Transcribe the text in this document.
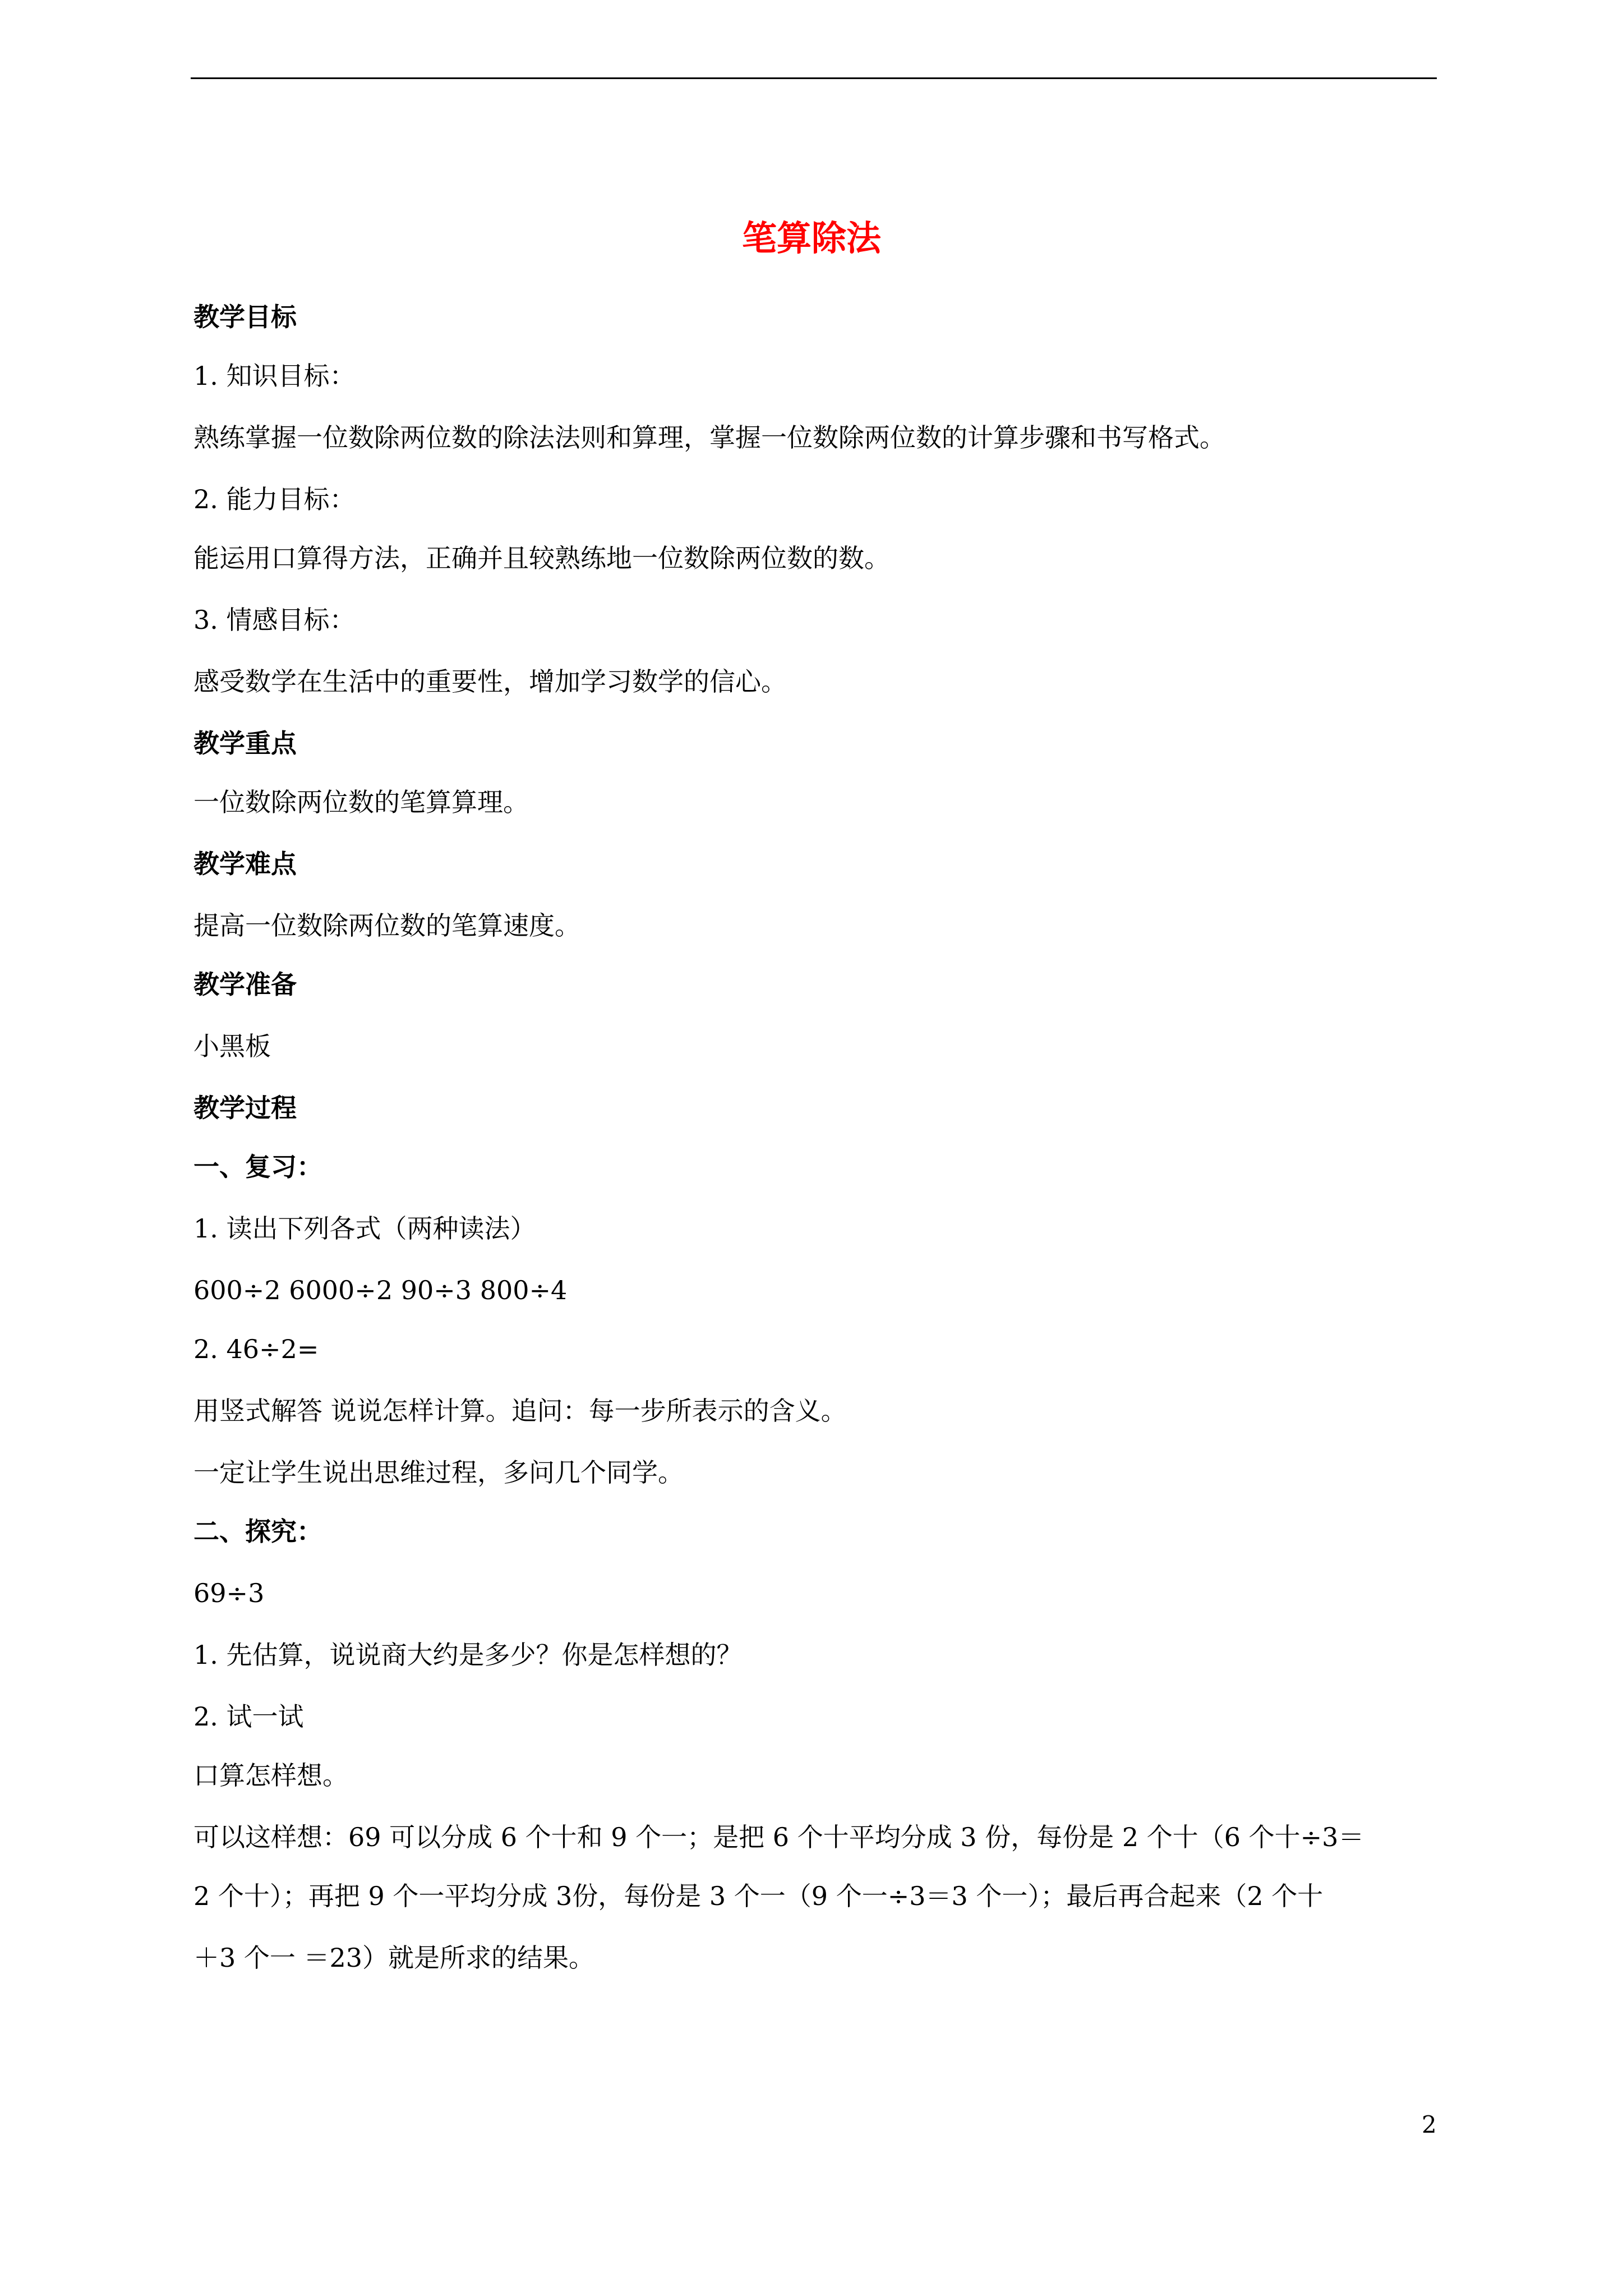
笔算除法
教学目标
1. 知识目标：
熟练掌握一位数除两位数的除法法则和算理，掌握一位数除两位数的计算步骤和书写格式。
2. 能力目标：
能运用口算得方法，正确并且较熟练地一位数除两位数的数。
3. 情感目标：
感受数学在生活中的重要性，增加学习数学的信心。
教学重点
一位数除两位数的笔算算理。
教学难点
提高一位数除两位数的笔算速度。
教学准备
小黑板
教学过程
一、复习：
1. 读出下列各式（两种读法）
600÷2 6000÷2 90÷3 800÷4
2. 46÷2=
用竖式解答 说说怎样计算。追问：每一步所表示的含义。
一定让学生说出思维过程，多问几个同学。
二、探究：
69÷3
1. 先估算，说说商大约是多少？你是怎样想的？
2. 试一试
口算怎样想。
可以这样想：69 可以分成 6 个十和 9 个一；是把 6 个十平均分成 3 份，每份是 2 个十（6 个十÷3＝
2 个十）；再把 9 个一平均分成 3份，每份是 3 个一（9 个一÷3＝3 个一）；最后再合起来（2 个十
＋3 个一 ＝23）就是所求的结果。
2
